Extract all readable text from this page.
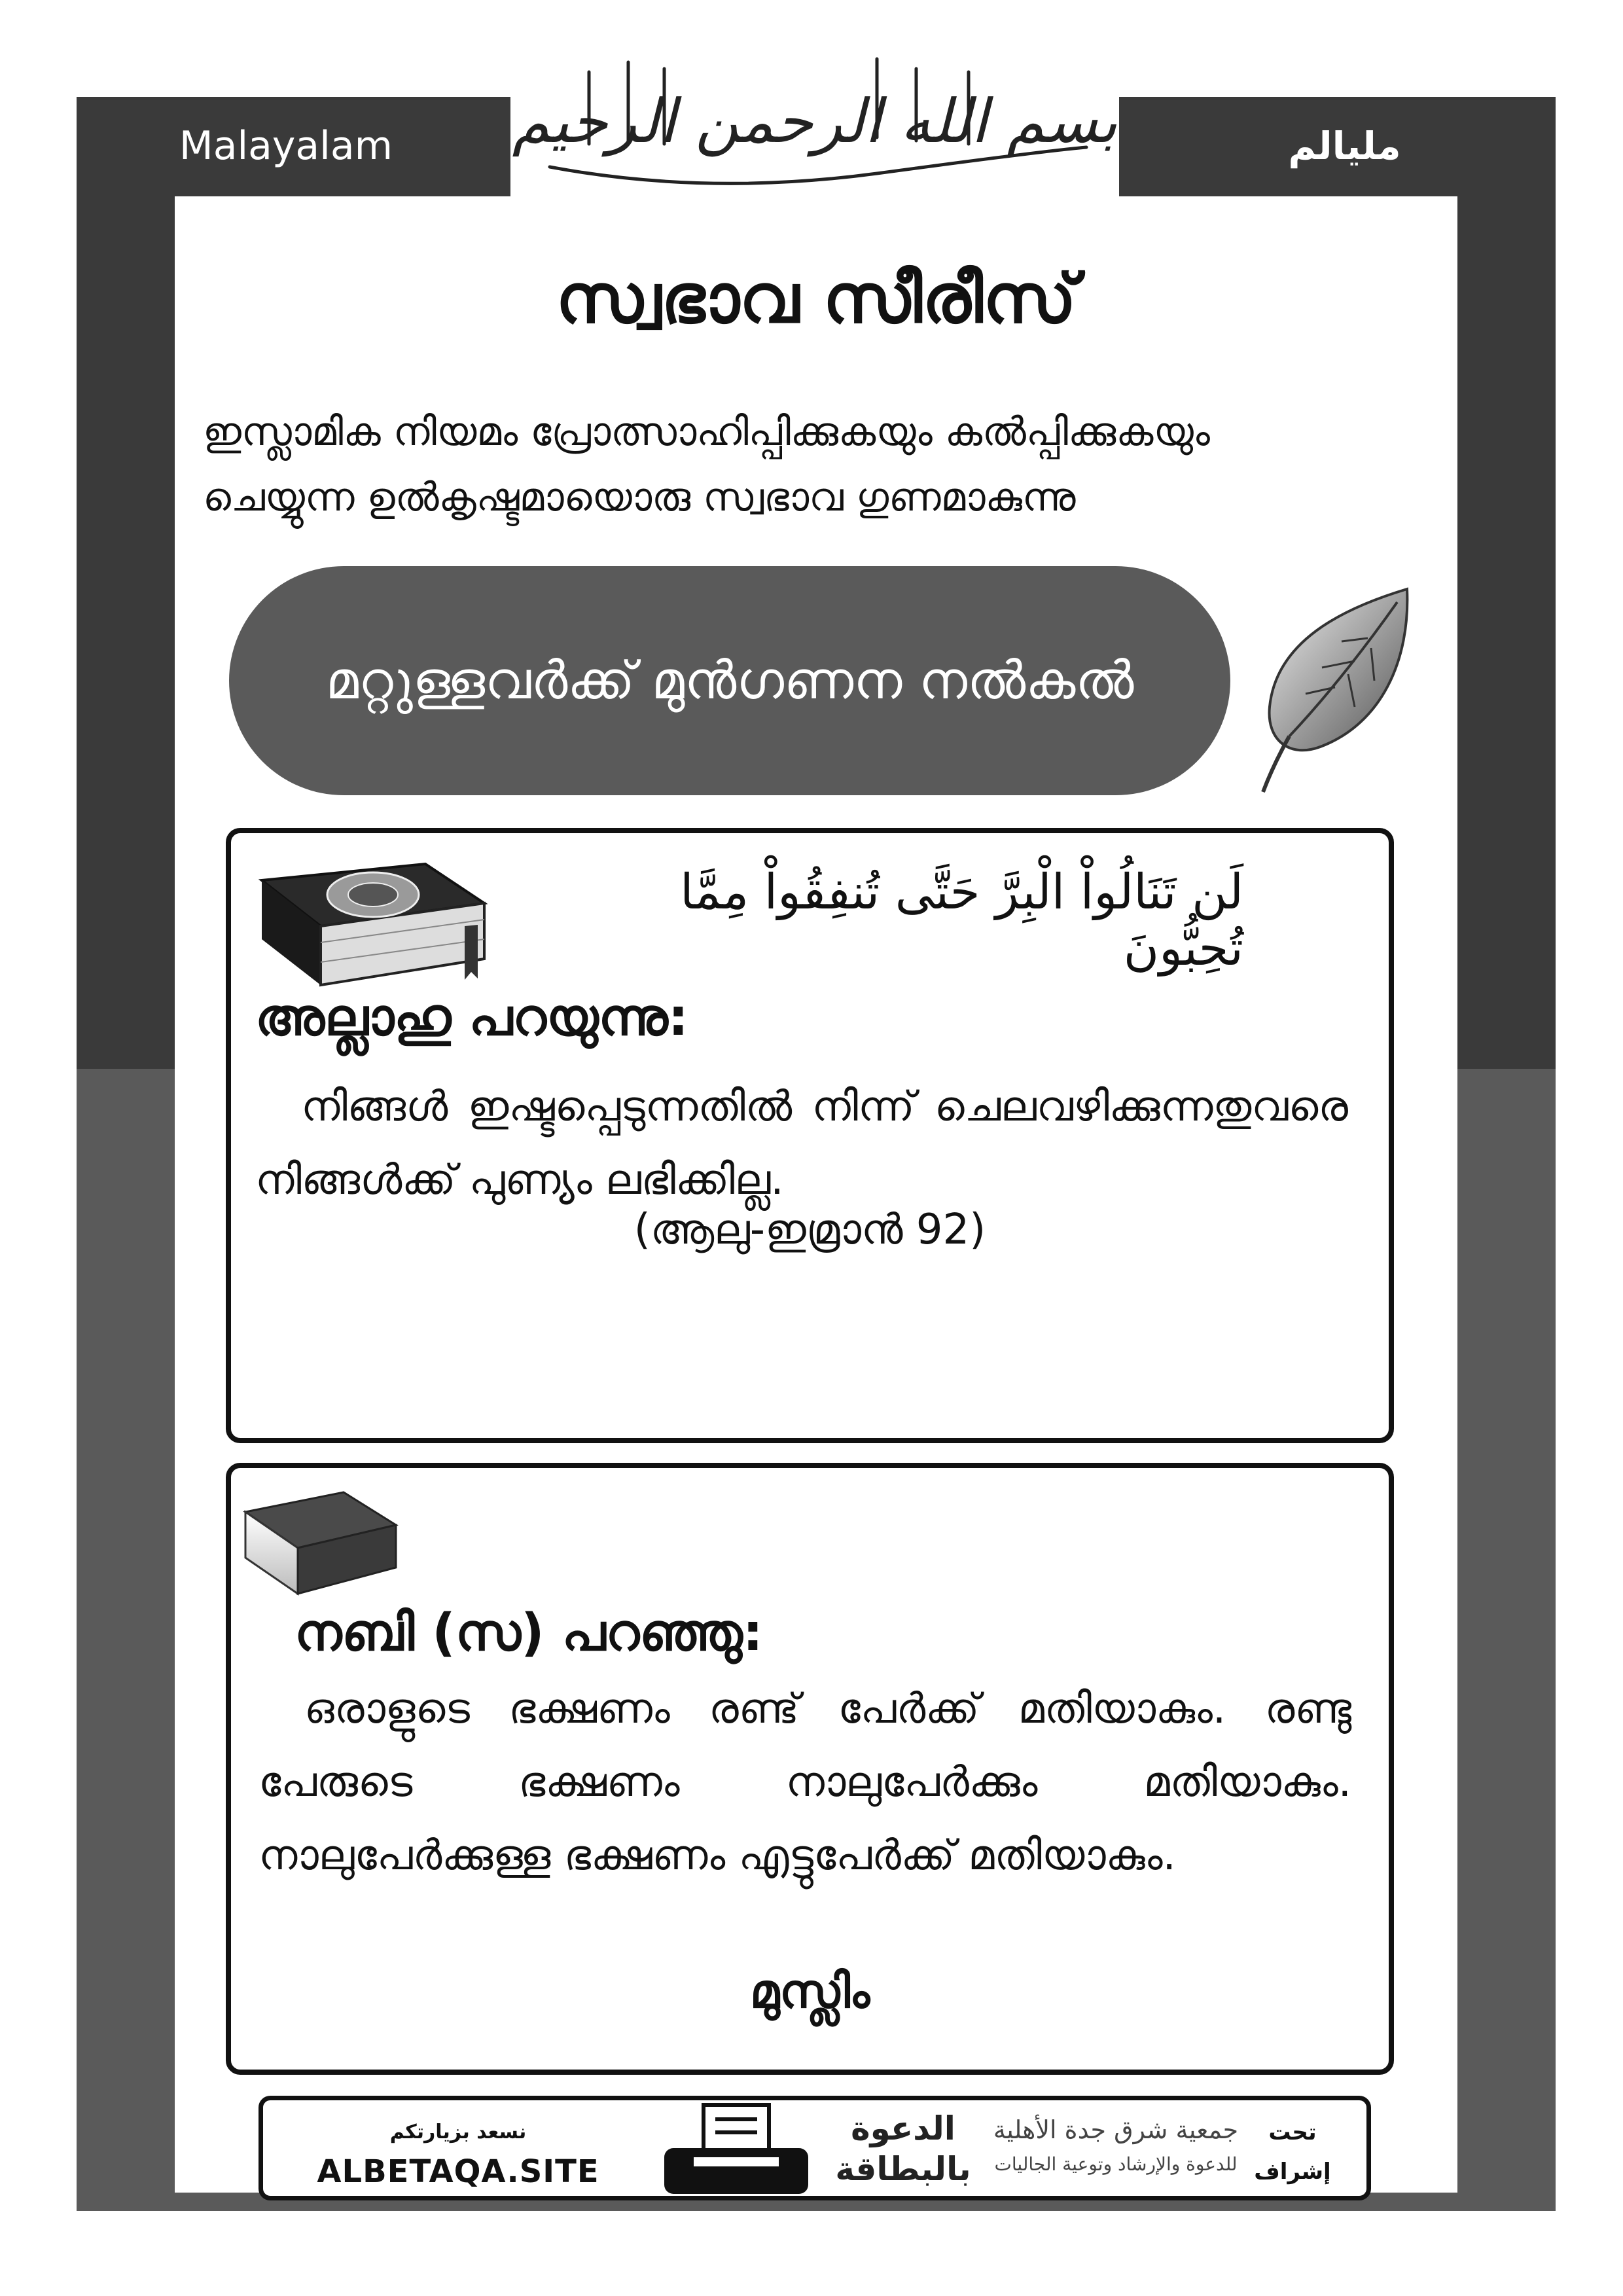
Malayalam	مليالم
بسم الله الرحمن الرحيم
സ്വഭാവ സീരീസ്
ഇസ്ലാമിക നിയമം പ്രോത്സാഹിപ്പിക്കുകയും കൽപ്പിക്കുകയും
ചെയ്യുന്ന ഉൽകൃഷ്ടമായൊരു സ്വഭാവ ഗുണമാകുന്നു
മറ്റുള്ളവർക്ക് മുൻഗണന നൽകൽ
لَن تَنَالُواْ الْبِرَّ حَتَّى تُنفِقُواْ مِمَّا تُحِبُّونَ
അല്ലാഹു പറയുന്നു:
നിങ്ങൾ ഇഷ്ടപ്പെടുന്നതിൽ നിന്ന് ചെലവഴിക്കുന്നതുവരെ നിങ്ങൾക്ക് പുണ്യം ലഭിക്കില്ല.
(ആലു-ഇമ്രാൻ 92)
നബി (സ) പറഞ്ഞു:
ഒരാളുടെ ഭക്ഷണം രണ്ട് പേർക്ക് മതിയാകും. രണ്ടു പേരുടെ ഭക്ഷണം നാലുപേർക്കും മതിയാകും. നാലുപേർക്കുള്ള ഭക്ഷണം എട്ടുപേർക്ക് മതിയാകും.
മുസ്ലിം
نسعد بزيارتكم
ALBETAQA.SITE
الدعوة
بالبطاقة
جمعية شرق جدة الأهلية
للدعوة والإرشاد وتوعية الجاليات
تحت إشراف
